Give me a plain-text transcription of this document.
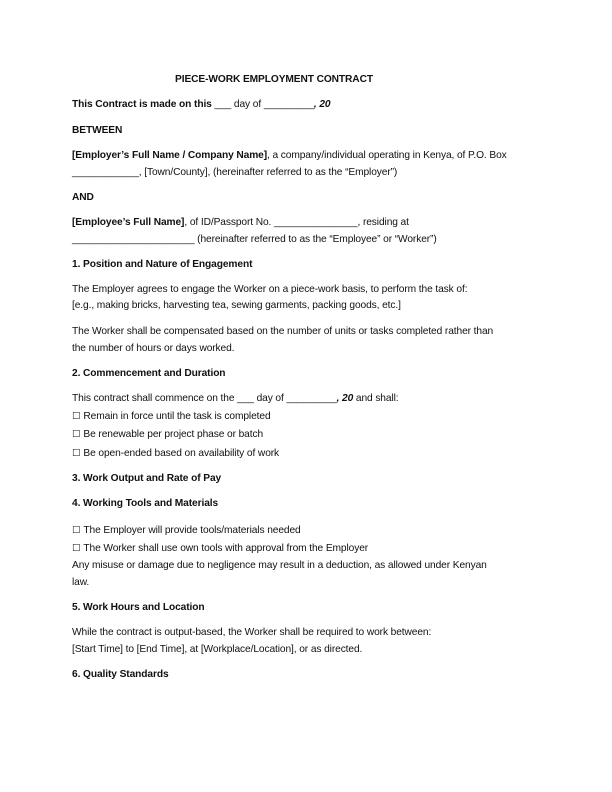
PIECE-WORK EMPLOYMENT CONTRACT
This Contract is made on this ___ day of _________, 20
BETWEEN
[Employer’s Full Name / Company Name], a company/individual operating in Kenya, of P.O. Box
____________, [Town/County], (hereinafter referred to as the “Employer”)
AND
[Employee’s Full Name], of ID/Passport No. _______________, residing at
______________________ (hereinafter referred to as the “Employee” or “Worker”)
1. Position and Nature of Engagement
The Employer agrees to engage the Worker on a piece-work basis, to perform the task of:
[e.g., making bricks, harvesting tea, sewing garments, packing goods, etc.]
The Worker shall be compensated based on the number of units or tasks completed rather than
the number of hours or days worked.
2. Commencement and Duration
This contract shall commence on the ___ day of _________, 20 and shall:
☐ Remain in force until the task is completed
☐ Be renewable per project phase or batch
☐ Be open-ended based on availability of work
3. Work Output and Rate of Pay
4. Working Tools and Materials
☐ The Employer will provide tools/materials needed
☐ The Worker shall use own tools with approval from the Employer
Any misuse or damage due to negligence may result in a deduction, as allowed under Kenyan
law.
5. Work Hours and Location
While the contract is output-based, the Worker shall be required to work between:
[Start Time] to [End Time], at [Workplace/Location], or as directed.
6. Quality Standards
